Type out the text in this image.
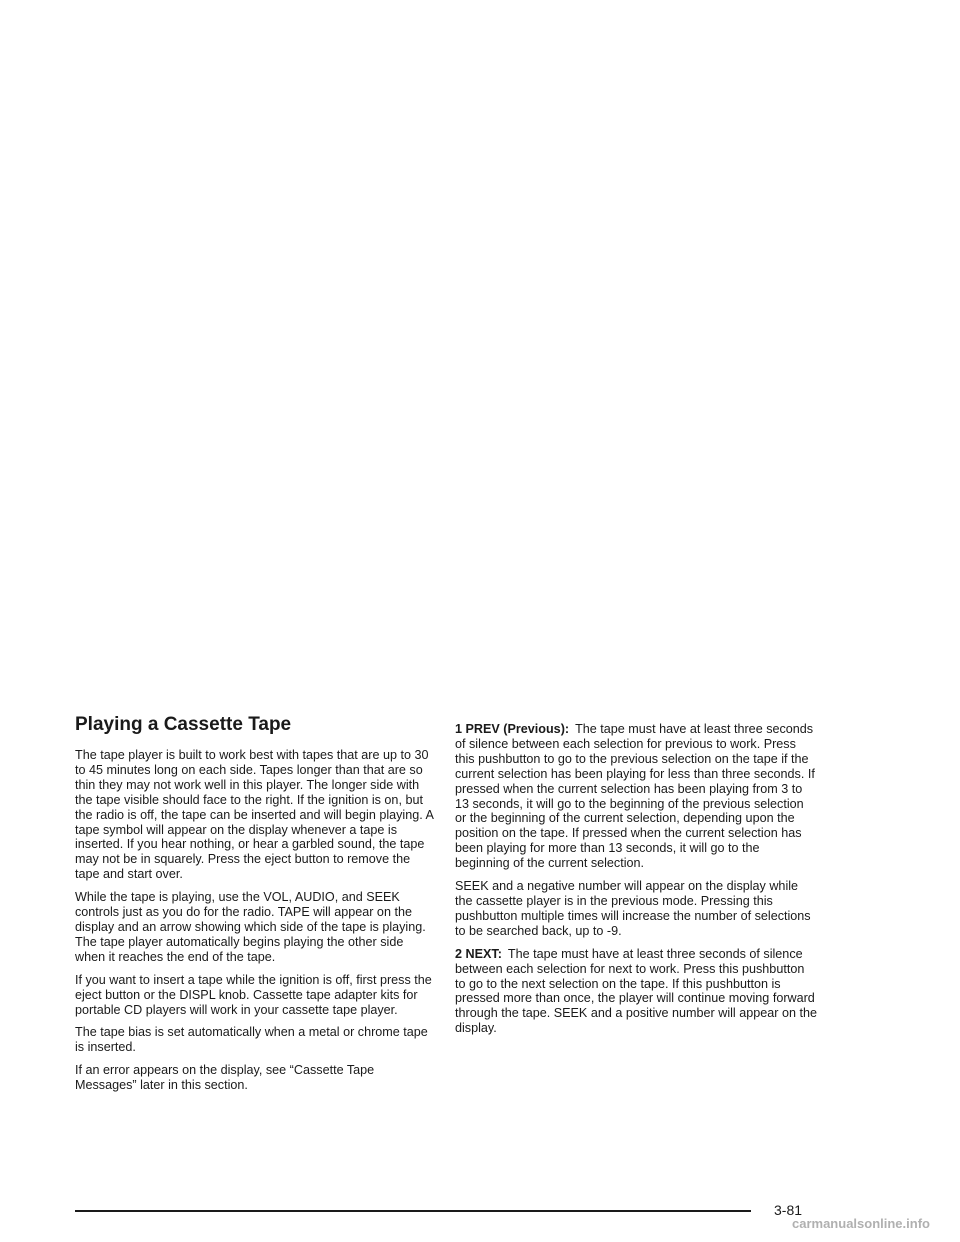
Playing a Cassette Tape

The tape player is built to work best with tapes that are up to 30 to 45 minutes long on each side. Tapes longer than that are so thin they may not work well in this player. The longer side with the tape visible should face to the right. If the ignition is on, but the radio is off, the tape can be inserted and will begin playing. A tape symbol will appear on the display whenever a tape is inserted. If you hear nothing, or hear a garbled sound, the tape may not be in squarely. Press the eject button to remove the tape and start over.

While the tape is playing, use the VOL, AUDIO, and SEEK controls just as you do for the radio. TAPE will appear on the display and an arrow showing which side of the tape is playing. The tape player automatically begins playing the other side when it reaches the end of the tape.

If you want to insert a tape while the ignition is off, first press the eject button or the DISPL knob. Cassette tape adapter kits for portable CD players will work in your cassette tape player.

The tape bias is set automatically when a metal or chrome tape is inserted.

If an error appears on the display, see “Cassette Tape Messages” later in this section.

1 PREV (Previous): The tape must have at least three seconds of silence between each selection for previous to work. Press this pushbutton to go to the previous selection on the tape if the current selection has been playing for less than three seconds. If pressed when the current selection has been playing from 3 to 13 seconds, it will go to the beginning of the previous selection or the beginning of the current selection, depending upon the position on the tape. If pressed when the current selection has been playing for more than 13 seconds, it will go to the beginning of the current selection.

SEEK and a negative number will appear on the display while the cassette player is in the previous mode. Pressing this pushbutton multiple times will increase the number of selections to be searched back, up to -9.

2 NEXT: The tape must have at least three seconds of silence between each selection for next to work. Press this pushbutton to go to the next selection on the tape. If this pushbutton is pressed more than once, the player will continue moving forward through the tape. SEEK and a positive number will appear on the display.

3-81
carmanualsonline.info
